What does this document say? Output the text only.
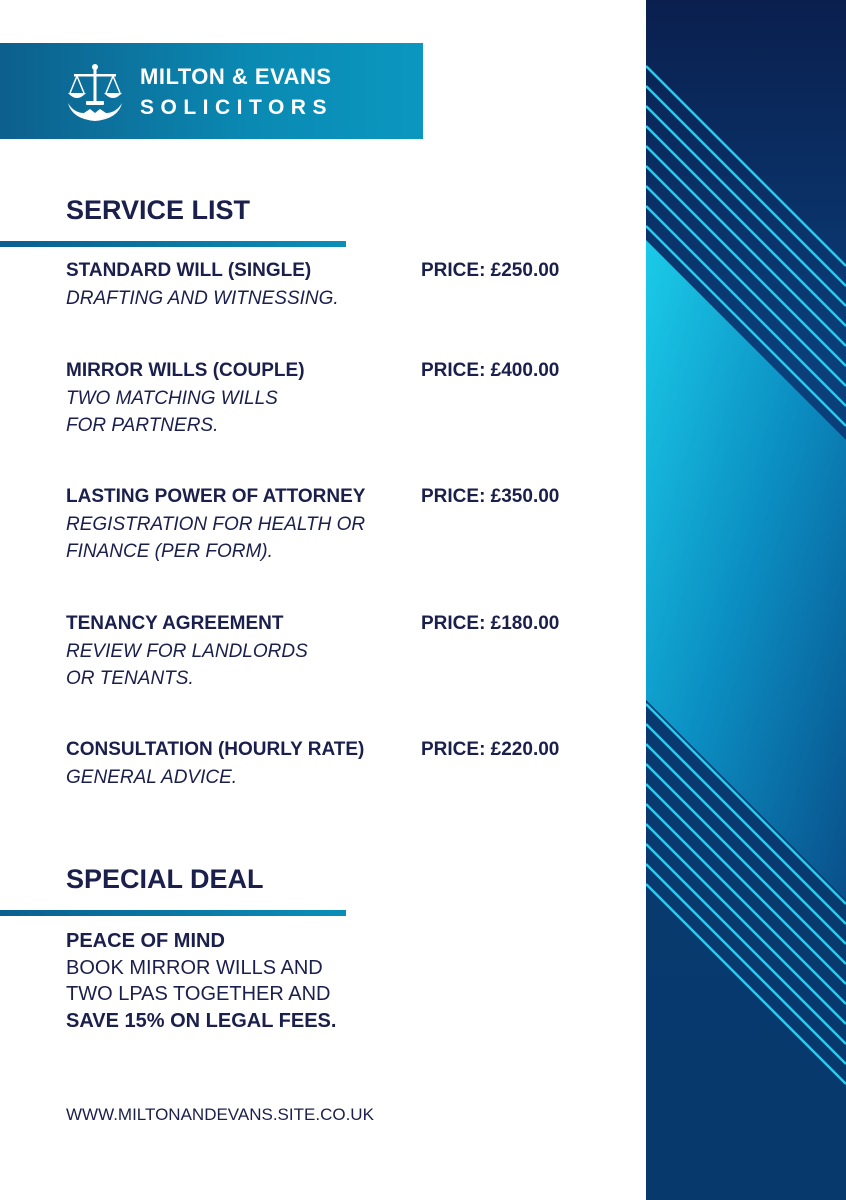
MILTON & EVANS
SOLICITORS
SERVICE LIST
STANDARD WILL (SINGLE)	PRICE: £250.00
DRAFTING AND WITNESSING.
MIRROR WILLS (COUPLE)	PRICE: £400.00
TWO MATCHING WILLS
FOR PARTNERS.
LASTING POWER OF ATTORNEY	PRICE: £350.00
REGISTRATION FOR HEALTH OR
FINANCE (PER FORM).
TENANCY AGREEMENT	PRICE: £180.00
REVIEW FOR LANDLORDS
OR TENANTS.
CONSULTATION (HOURLY RATE)	PRICE: £220.00
GENERAL ADVICE.
SPECIAL DEAL
PEACE OF MIND
BOOK MIRROR WILLS AND
TWO LPAS TOGETHER AND
SAVE 15% ON LEGAL FEES.
WWW.MILTONANDEVANS.SITE.CO.UK
